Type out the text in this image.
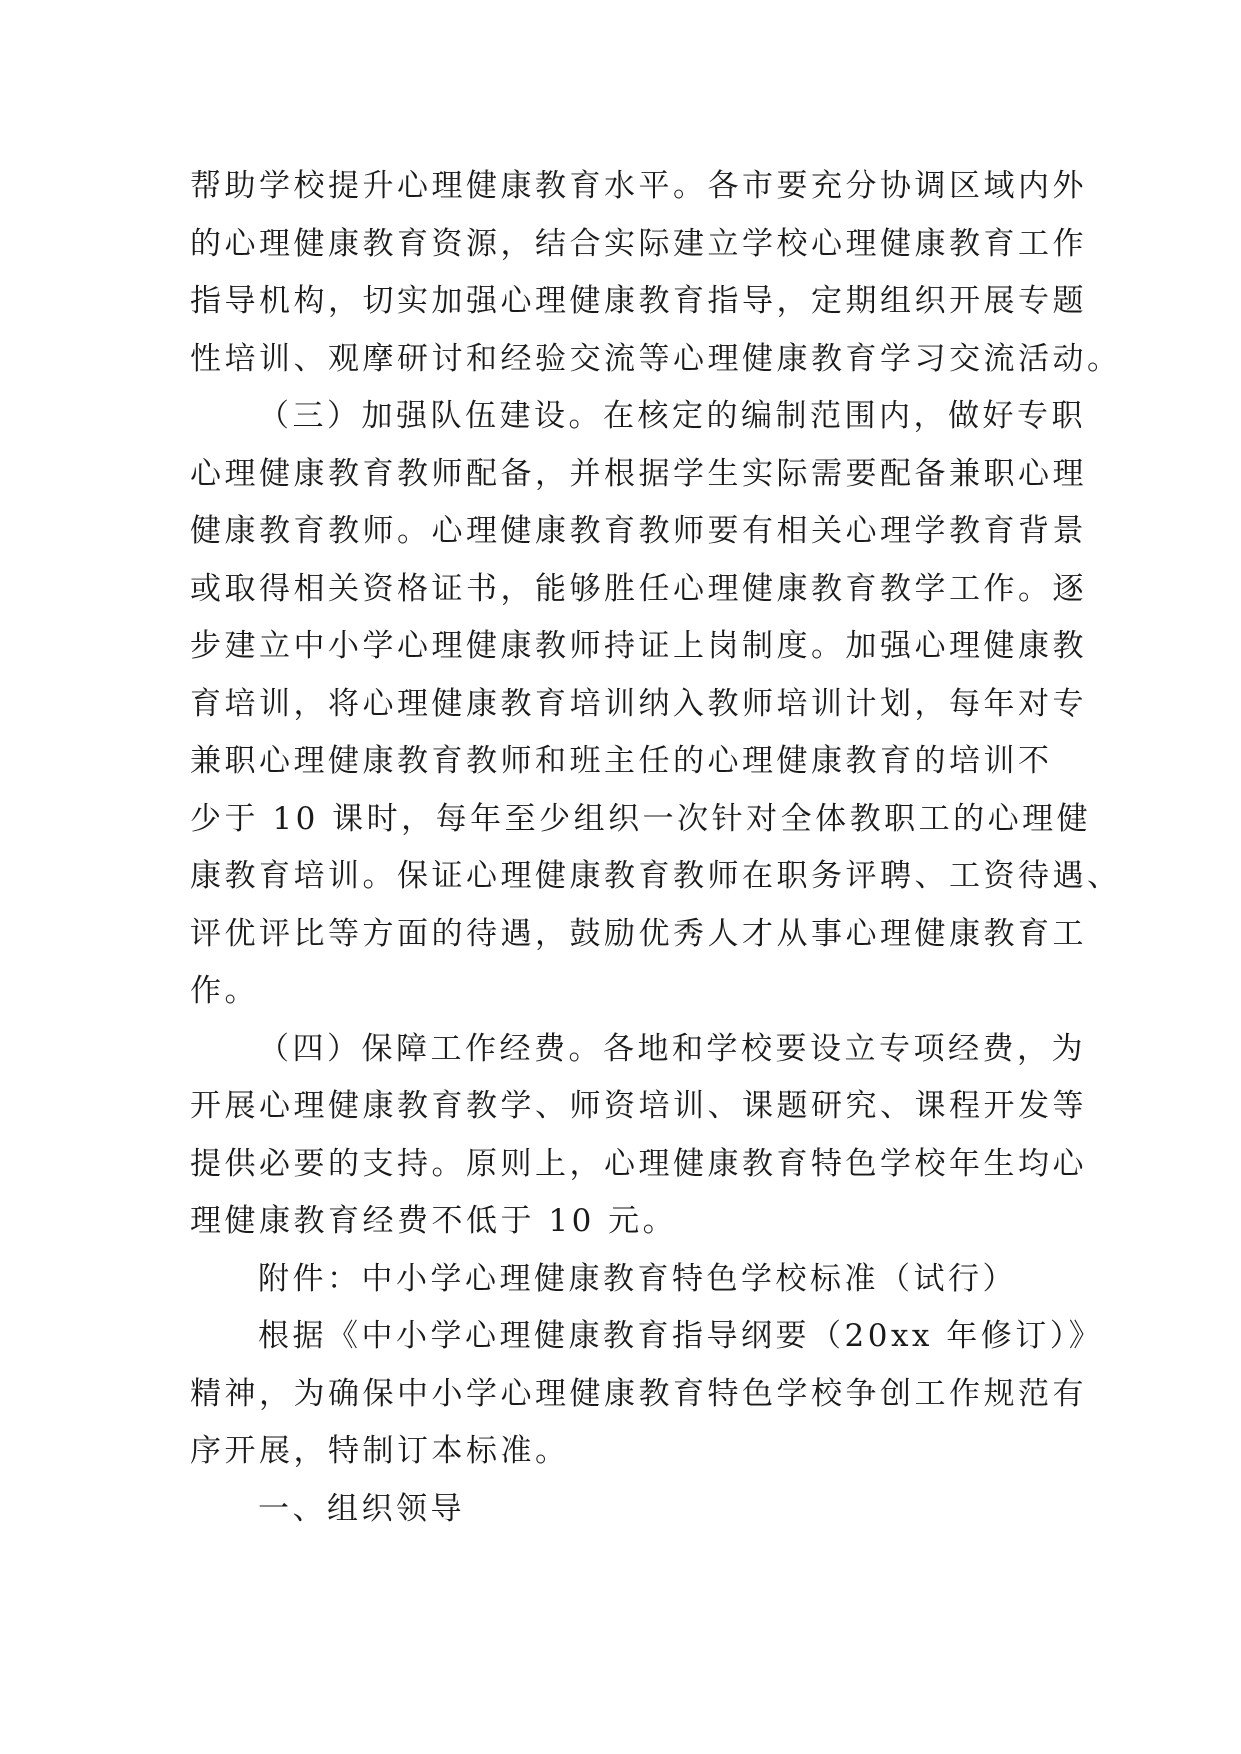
帮助学校提升心理健康教育水平。各市要充分协调区域内外
的心理健康教育资源，结合实际建立学校心理健康教育工作
指导机构，切实加强心理健康教育指导，定期组织开展专题
性培训、观摩研讨和经验交流等心理健康教育学习交流活动。
（三）加强队伍建设。在核定的编制范围内，做好专职
心理健康教育教师配备，并根据学生实际需要配备兼职心理
健康教育教师。心理健康教育教师要有相关心理学教育背景
或取得相关资格证书，能够胜任心理健康教育教学工作。逐
步建立中小学心理健康教师持证上岗制度。加强心理健康教
育培训，将心理健康教育培训纳入教师培训计划，每年对专
兼职心理健康教育教师和班主任的心理健康教育的培训不
少于 10 课时，每年至少组织一次针对全体教职工的心理健
康教育培训。保证心理健康教育教师在职务评聘、工资待遇、
评优评比等方面的待遇，鼓励优秀人才从事心理健康教育工
作。
（四）保障工作经费。各地和学校要设立专项经费，为
开展心理健康教育教学、师资培训、课题研究、课程开发等
提供必要的支持。原则上，心理健康教育特色学校年生均心
理健康教育经费不低于 10 元。
附件：中小学心理健康教育特色学校标准（试行）
根据《中小学心理健康教育指导纲要（20xx 年修订）》
精神，为确保中小学心理健康教育特色学校争创工作规范有
序开展，特制订本标准。
一、组织领导
